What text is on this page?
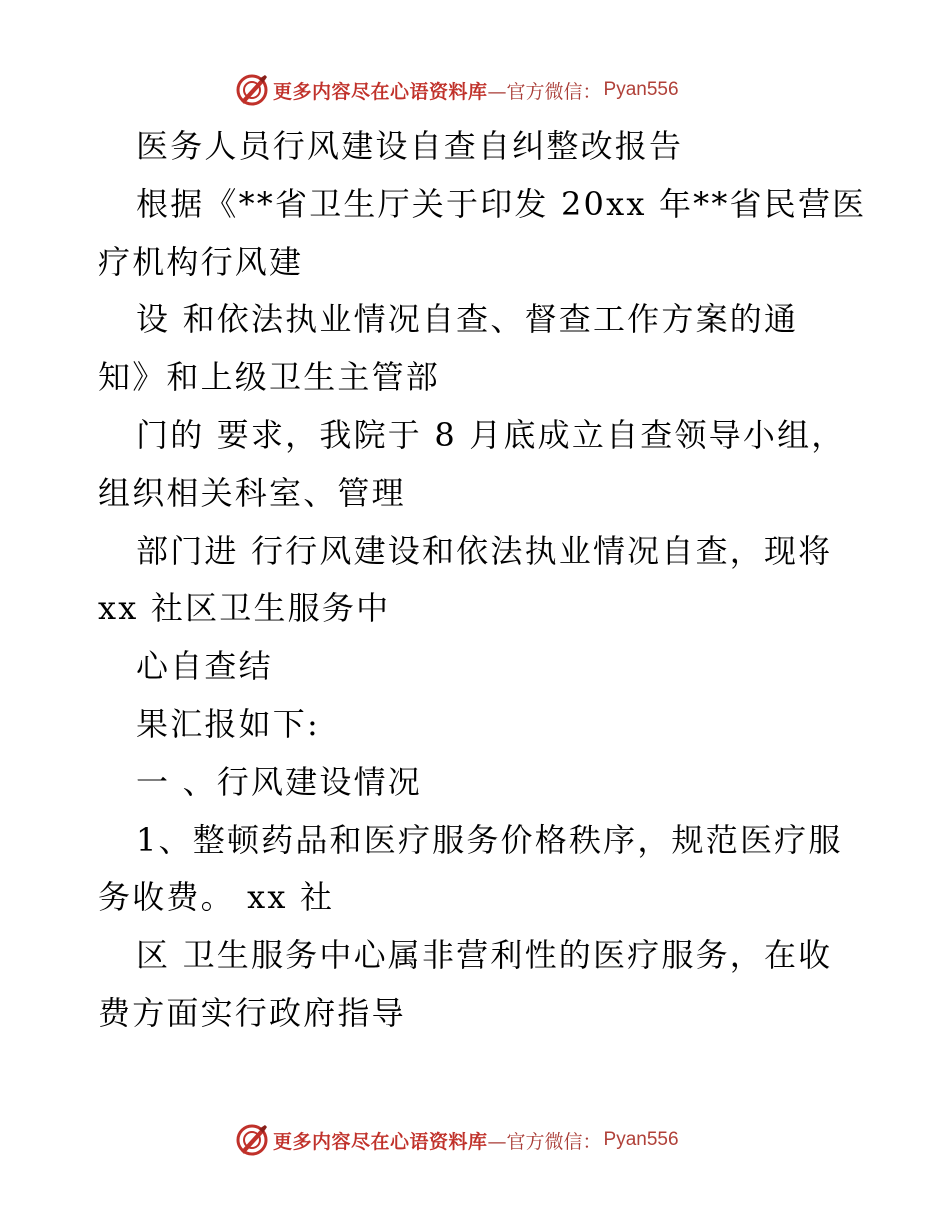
更多内容尽在心语资料库 —官方微信： Pyan556
医务人员行风建设自查自纠整改报告
根据《**省卫生厅关于印发 20xx 年**省民营医
疗机构行风建
设 和依法执业情况自查、督查工作方案的通
知》和上级卫生主管部
门的 要求，我院于 8 月底成立自查领导小组，
组织相关科室、管理
部门进 行行风建设和依法执业情况自查，现将
xx 社区卫生服务中
心自查结
果汇报如下:
一 、行风建设情况
1、整顿药品和医疗服务价格秩序，规范医疗服
务收费。 xx 社
区 卫生服务中心属非营利性的医疗服务，在收
费方面实行政府指导
更多内容尽在心语资料库 —官方微信： Pyan556
